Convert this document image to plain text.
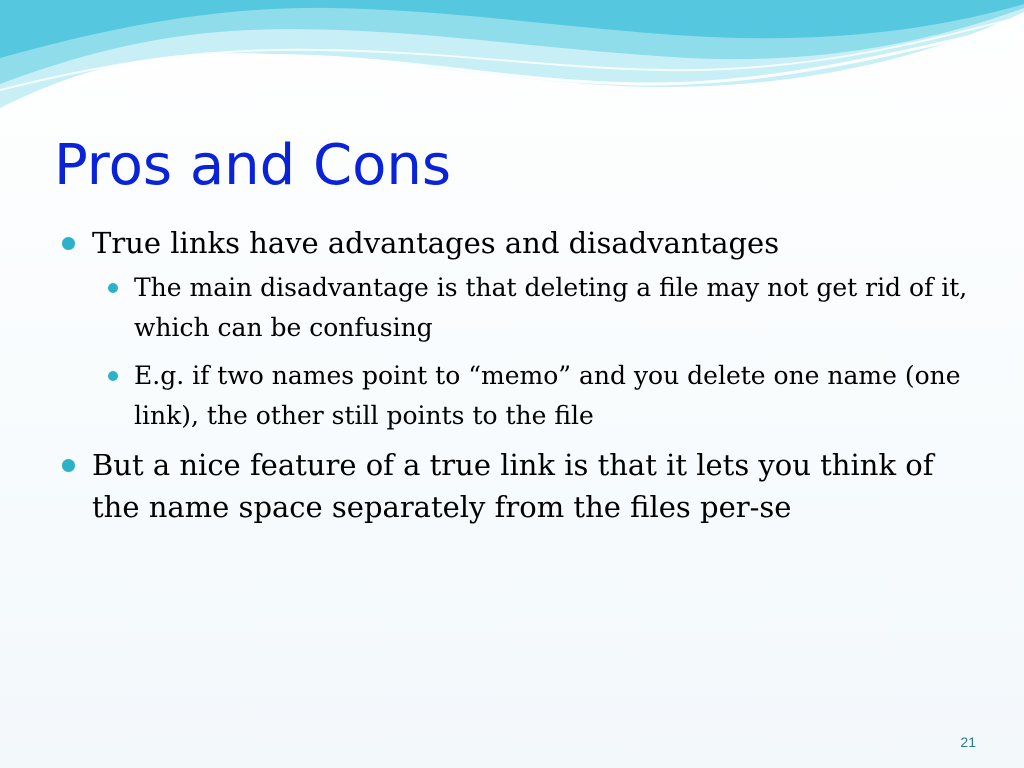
Pros and Cons
True links have advantages and disadvantages
The main disadvantage is that deleting a file may not get rid of it, which can be confusing
E.g. if two names point to “memo” and you delete one name (one link), the other still points to the file
But a nice feature of a true link is that it lets you think of the name space separately from the files per-se
21
